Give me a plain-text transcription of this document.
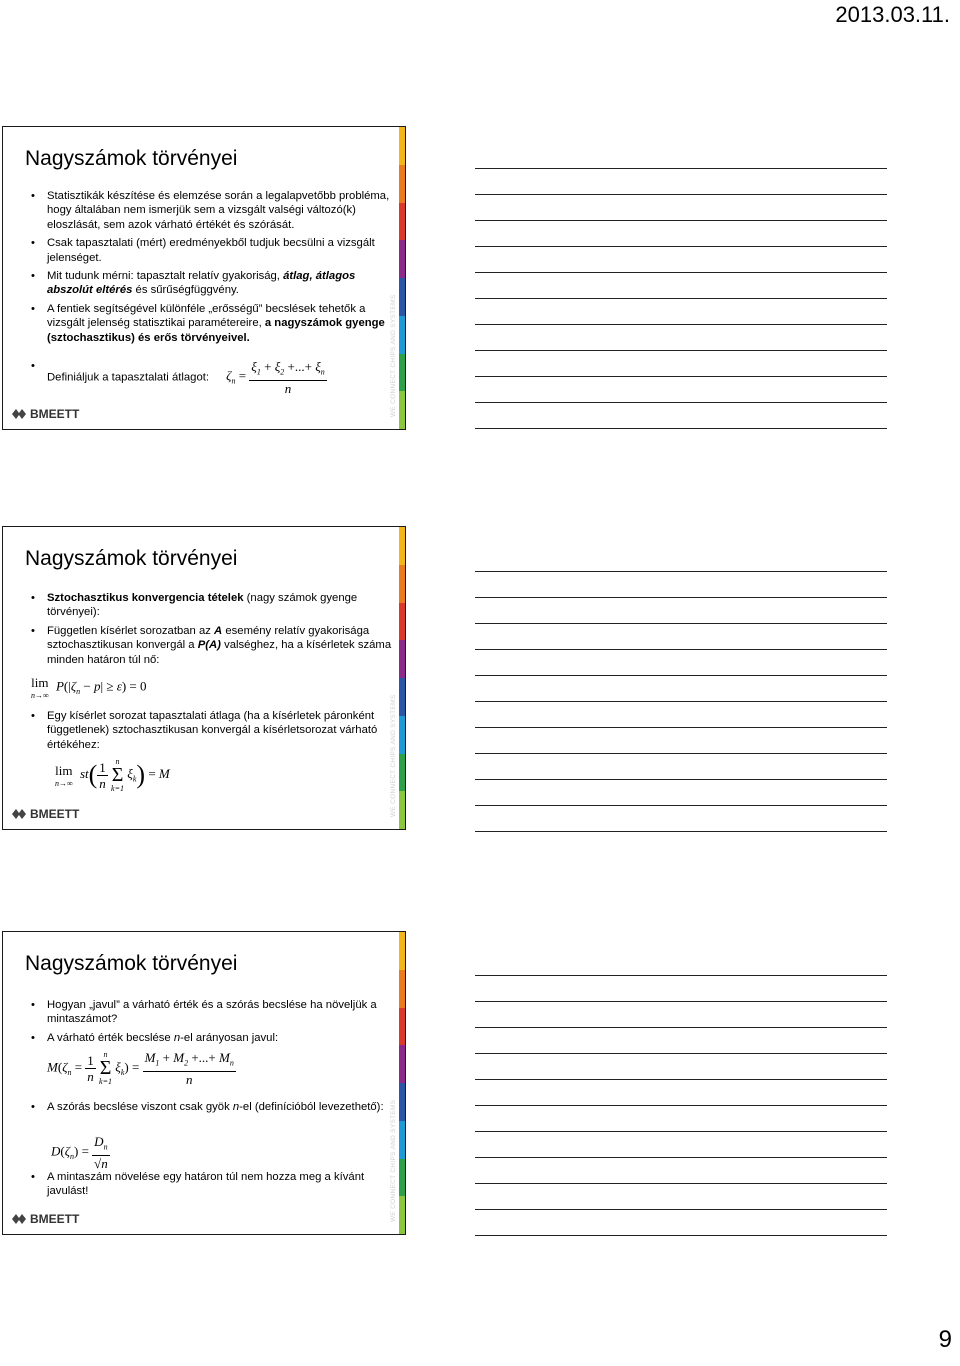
2013.03.11.
WE CONNECT CHIPS AND SYSTEMS
Nagyszámok törvényei
• Statisztikák készítése és elemzése során a legalapvetőbb probléma, hogy általában nem ismerjük sem a vizsgált valségi változó(k) eloszlását, sem azok várható értékét és szórását.
• Csak tapasztalati (mért) eredményekből tudjuk becsülni a vizsgált jelenséget.
• Mit tudunk mérni: tapasztalt relatív gyakoriság, átlag, átlagos abszolút eltérés és sűrűségfüggvény.
• A fentiek segítségével különféle „erősségű” becslések tehetők a vizsgált jelenség statisztikai paramétereire, a nagyszámok gyenge (sztochasztikus) és erős törvényeivel.
• Definiáljuk a tapasztalati átlagot: $\zeta_n = \frac{\xi_1 + \xi_2 +...+ \xi_n}{n}$
BMEETT
WE CONNECT CHIPS AND SYSTEMS
Nagyszámok törvényei
• Sztochasztikus konvergencia tételek (nagy számok gyenge törvényei):
• Független kísérlet sorozatban az A esemény relatív gyakorisága sztochasztikusan konvergál a P(A) valséghez, ha a kísérletek száma minden határon túl nő:
lim
n→∞
$P(|\zeta_n - p| \ge \varepsilon) = 0$
• Egy kísérlet sorozat tapasztalati átlaga (ha a kísérletek páronként függetlenek) sztochasztikusan konvergál a kísérletsorozat várható értékéhez:
lim
n→∞
$st( \frac{1}{n}$
n
Σ
k=1
$\xi_k) = M$
BMEETT
WE CONNECT CHIPS AND SYSTEMS
Nagyszámok törvényei
• Hogyan „javul” a várható érték és a szórás becslése ha növeljük a mintaszámot?
• A várható érték becslése n-el arányosan javul:
$M(\zeta_n = \frac{1}{n}$
n
Σ
k=1
$\xi_k) = \frac{M_1 + M_2 +...+ M_n}{n}$
• A szórás becslése viszont csak gyök n-el (definícióból levezethető):
$D(\zeta_n) = \frac{D_n}{√n}$
• A mintaszám növelése egy határon túl nem hozza meg a kívánt javulást!
BMEETT
9
